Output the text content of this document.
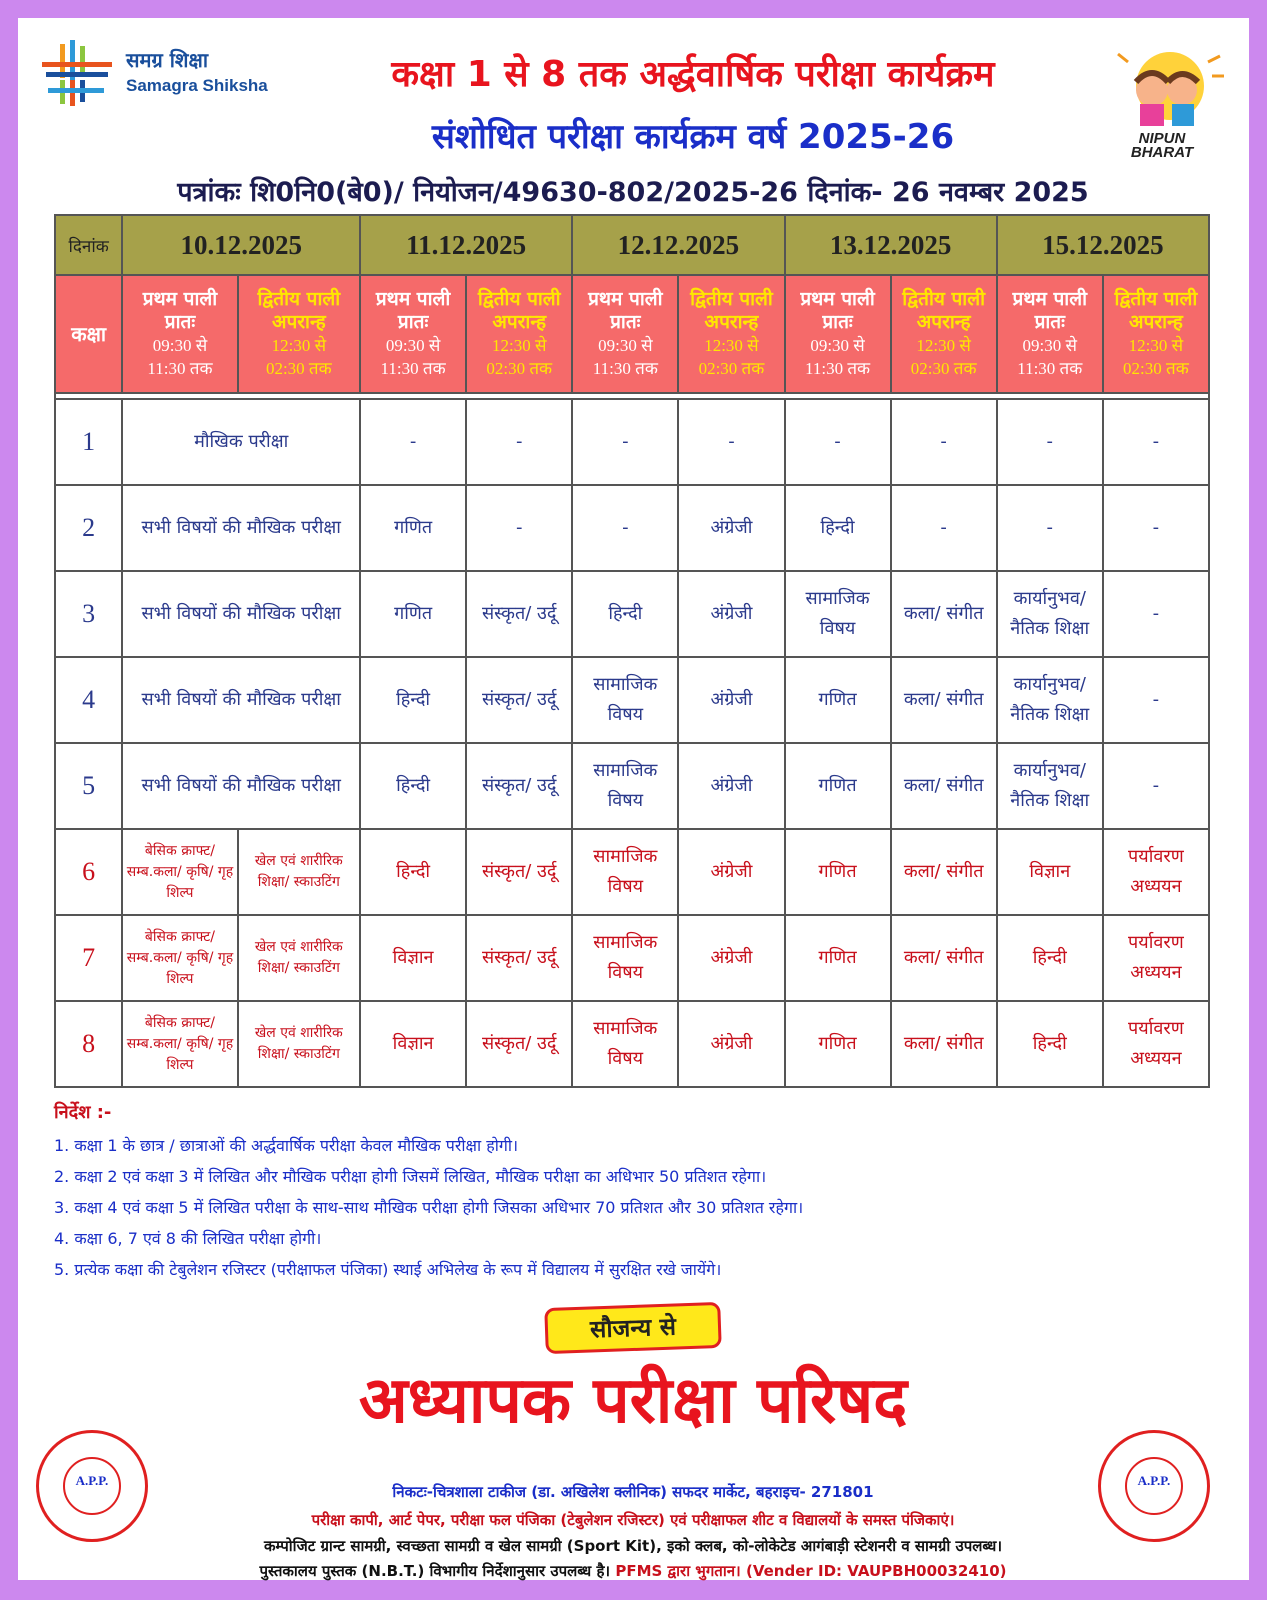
समग्र शिक्षा
Samagra Shiksha	कक्षा 1 से 8 तक अर्द्धवार्षिक परीक्षा कार्यक्रम
संशोधित परीक्षा कार्यक्रम वर्ष 2025-26	NIPUN
BHARAT
पत्रांकः शि0नि0(बे0)/ नियोजन/49630-802/2025-26 दिनांक- 26 नवम्बर 2025
दिनांक	10.12.2025		11.12.2025		12.12.2025		13.12.2025		15.12.2025	
कक्षा	प्रथम पाली
प्रातः
09:30 से
11:30 तक	द्वितीय पाली
अपरान्ह
12:30 से
02:30 तक	प्रथम पाली
प्रातः
09:30 से
11:30 तक	द्वितीय पाली
अपरान्ह
12:30 से
02:30 तक	प्रथम पाली
प्रातः
09:30 से
11:30 तक	द्वितीय पाली
अपरान्ह
12:30 से
02:30 तक	प्रथम पाली
प्रातः
09:30 से
11:30 तक	द्वितीय पाली
अपरान्ह
12:30 से
02:30 तक	प्रथम पाली
प्रातः
09:30 से
11:30 तक	द्वितीय पाली
अपरान्ह
12:30 से
02:30 तक

1	मौखिक परीक्षा		-	-	-	-	-	-	-	-
2	सभी विषयों की मौखिक परीक्षा		गणित	-	-	अंग्रेजी	हिन्दी	-	-	-
3	सभी विषयों की मौखिक परीक्षा		गणित	संस्कृत/ उर्दू	हिन्दी	अंग्रेजी	सामाजिक विषय	कला/ संगीत	कार्यानुभव/ नैतिक शिक्षा	-
4	सभी विषयों की मौखिक परीक्षा		हिन्दी	संस्कृत/ उर्दू	सामाजिक विषय	अंग्रेजी	गणित	कला/ संगीत	कार्यानुभव/ नैतिक शिक्षा	-
5	सभी विषयों की मौखिक परीक्षा		हिन्दी	संस्कृत/ उर्दू	सामाजिक विषय	अंग्रेजी	गणित	कला/ संगीत	कार्यानुभव/ नैतिक शिक्षा	-
6	बेसिक क्राफ्ट/ सम्ब.कला/ कृषि/ गृह शिल्प	खेल एवं शारीरिक शिक्षा/ स्काउटिंग	हिन्दी	संस्कृत/ उर्दू	सामाजिक विषय	अंग्रेजी	गणित	कला/ संगीत	विज्ञान	पर्यावरण अध्ययन
7	बेसिक क्राफ्ट/ सम्ब.कला/ कृषि/ गृह शिल्प	खेल एवं शारीरिक शिक्षा/ स्काउटिंग	विज्ञान	संस्कृत/ उर्दू	सामाजिक विषय	अंग्रेजी	गणित	कला/ संगीत	हिन्दी	पर्यावरण अध्ययन
8	बेसिक क्राफ्ट/ सम्ब.कला/ कृषि/ गृह शिल्प	खेल एवं शारीरिक शिक्षा/ स्काउटिंग	विज्ञान	संस्कृत/ उर्दू	सामाजिक विषय	अंग्रेजी	गणित	कला/ संगीत	हिन्दी	पर्यावरण अध्ययन
निर्देश :-
1. कक्षा 1 के छात्र / छात्राओं की अर्द्धवार्षिक परीक्षा केवल मौखिक परीक्षा होगी।
2. कक्षा 2 एवं कक्षा 3 में लिखित और मौखिक परीक्षा होगी जिसमें लिखित, मौखिक परीक्षा का अधिभार 50 प्रतिशत रहेगा।
3. कक्षा 4 एवं कक्षा 5 में लिखित परीक्षा के साथ-साथ मौखिक परीक्षा होगी जिसका अधिभार 70 प्रतिशत और 30 प्रतिशत रहेगा।
4. कक्षा 6, 7 एवं 8 की लिखित परीक्षा होगी।
5. प्रत्येक कक्षा की टेबुलेशन रजिस्टर (परीक्षाफल पंजिका) स्थाई अभिलेख के रूप में विद्यालय में सुरक्षित रखे जायेंगे।
सौजन्य से
अध्यापक परीक्षा परिषद
A.P.P.	A.P.P.
निकटः-चित्रशाला टाकीज (डा. अखिलेश क्लीनिक) सफदर मार्केट, बहराइच- 271801
परीक्षा कापी, आर्ट पेपर, परीक्षा फल पंजिका (टेबुलेशन रजिस्टर) एवं परीक्षाफल शीट व विद्यालयों के समस्त पंजिकाएं।
कम्पोजिट ग्रान्ट सामग्री, स्वच्छता सामग्री व खेल सामग्री (Sport Kit), इको क्लब, को-लोकेटेड आगंबाड़ी स्टेशनरी व सामग्री उपलब्ध।
पुस्तकालय पुस्तक (N.B.T.) विभागीय निर्देशानुसार उपलब्ध है। PFMS द्वारा भुगतान। (Vender ID: VAUPBH00032410)
